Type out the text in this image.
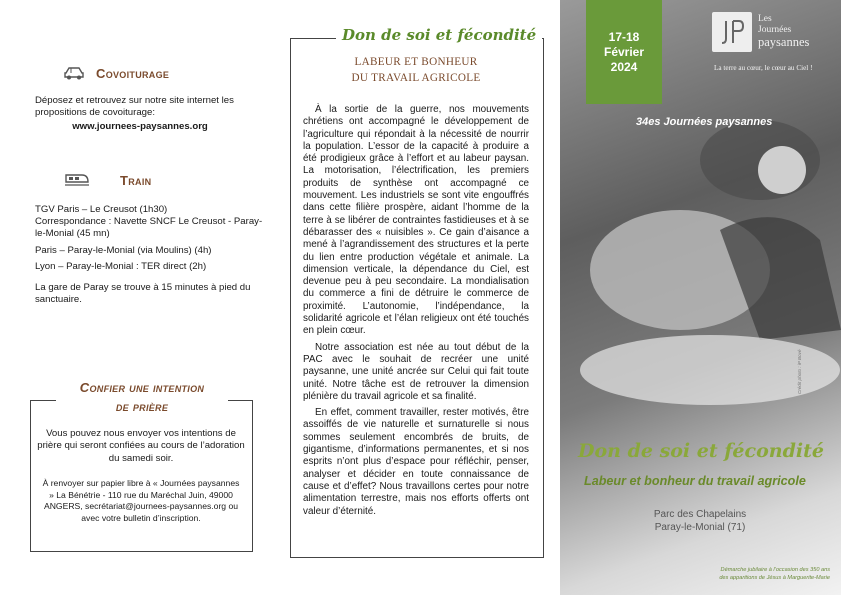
Covoiturage
Déposez et retrouvez sur notre site internet les propositions de covoiturage:
www.journees-paysannes.org
Train
TGV Paris – Le Creusot (1h30)
Correspondance : Navette SNCF Le Creusot - Paray-le-Monial (45 mn)
Paris – Paray-le-Monial (via Moulins) (4h)
Lyon – Paray-le-Monial : TER direct (2h)
La gare de Paray se trouve à 15 minutes à pied du sanctuaire.
Confier une intention
de prière
Vous pouvez nous envoyer vos intentions de prière qui seront confiées au cours de l’adoration du samedi soir.
À renvoyer sur papier libre à « Journées paysannes » La Bénétrie - 110 rue du Maréchal Juin, 49000 ANGERS, secrétariat@journees-paysannes.org ou avec votre bulletin d’inscription.
Don de soi et fécondité
LABEUR ET BONHEUR
DU TRAVAIL AGRICOLE

À la sortie de la guerre, nos mouvements chrétiens ont accompagné le développement de l’agriculture qui répondait à la nécessité de nourrir la population. L’essor de la capacité à produire a été prodigieux grâce à l’effort et au labeur paysan. La motorisation, l’électrification, les premiers produits de synthèse ont accompagné ce mouvement. Les industriels se sont vite engouffrés dans cette filière prospère, aidant l’homme de la terre à se libérer de contraintes fastidieuses et à se débarasser des « nuisibles ». Ce gain d’aisance a mené à l’agrandissement des structures et la perte du lien entre production végétale et animale. La dimension verticale, la dépendance du Ciel, est devenue peu à peu secondaire. La mondialisation du commerce a fini de détruire le commerce de proximité. L’autonomie, l’indépendance, la solidarité agricole et l’élan religieux ont été touchés en plein cœur.

Notre association est née au tout début de la PAC avec le souhait de recréer une unité paysanne, une unité ancrée sur Celui qui fait toute unité. Notre tâche est de retrouver la dimension plénière du travail agricole et sa finalité.

En effet, comment travailler, rester motivés, être assoiffés de vie naturelle et surnaturelle si nous sommes seulement encombrés de bruits, de gigantisme, d’informations permanentes, et si nos esprits n’ont plus d’espace pour réfléchir, penser, analyser et décider en toute connaissance de cause et d’effet? Nous travaillons certes pour notre alimentation terrestre, mais nos efforts offerts ont valeur d’éternité.

17-18
Février
2024
Les
Journées
paysannes
La terre au cœur, le cœur au Ciel !
34es Journées paysannes
Crédit photo : iP Bové
Don de soi et fécondité
Labeur et bonheur du travail agricole
Parc des Chapelains
Paray-le-Monial (71)
Démarche jubilaire à l’occasion des 350 ans
des apparitions de Jésus à Marguerite-Marie
